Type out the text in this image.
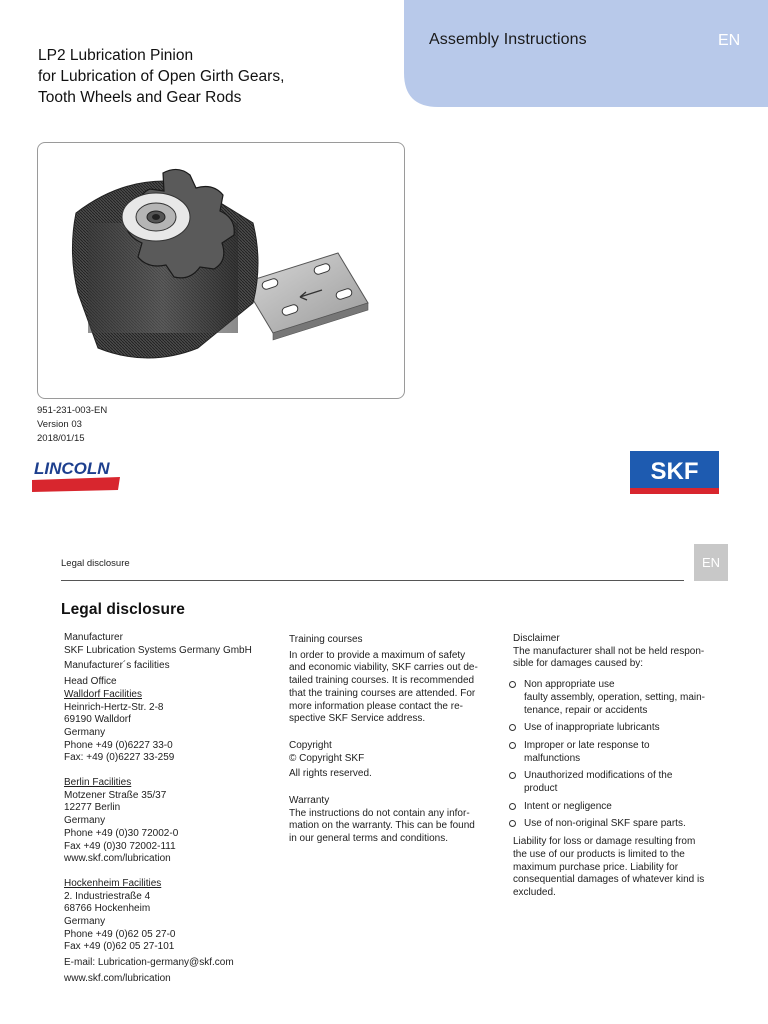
Assembly Instructions	EN
LP2 Lubrication Pinion
for Lubrication of Open Girth Gears,
Tooth Wheels and Gear Rods
951-231-003-EN
Version 03
2018/01/15
LINCOLN	SKF
Legal disclosure	EN
Legal disclosure

Manufacturer

SKF Lubrication Systems Germany GmbH

Manufacturer´s facilities

Head Office

Walldorf Facilities

Heinrich-Hertz-Str. 2-8

69190 Walldorf

Germany

Phone +49 (0)6227 33-0

Fax: +49 (0)6227 33-259

Berlin Facilities

Motzener Straße 35/37

12277 Berlin

Germany

Phone +49 (0)30 72002-0

Fax +49 (0)30 72002-111

www.skf.com/lubrication

Hockenheim Facilities

2. Industriestraße 4

68766 Hockenheim

Germany

Phone +49 (0)62 05 27-0

Fax +49 (0)62 05 27-101

E-mail: Lubrication-germany@skf.com

www.skf.com/lubrication

Training courses

In order to provide a maximum of safety

and economic viability, SKF carries out de-

tailed training courses. It is recommended

that the training courses are attended. For

more information please contact the re-

spective SKF Service address.

Copyright

© Copyright SKF

All rights reserved.

Warranty

The instructions do not contain any infor-

mation on the warranty. This can be found

in our general terms and conditions.

Disclaimer

The manufacturer shall not be held respon-

sible for damages caused by:

Non appropriate use
faulty assembly, operation, setting, main-
tenance, repair or accidents
Use of inappropriate lubricants
Improper or late response to
malfunctions
Unauthorized modifications of the
product
Intent or negligence
Use of non-original SKF spare parts.

Liability for loss or damage resulting from

the use of our products is limited to the

maximum purchase price. Liability for

consequential damages of whatever kind is

excluded.
